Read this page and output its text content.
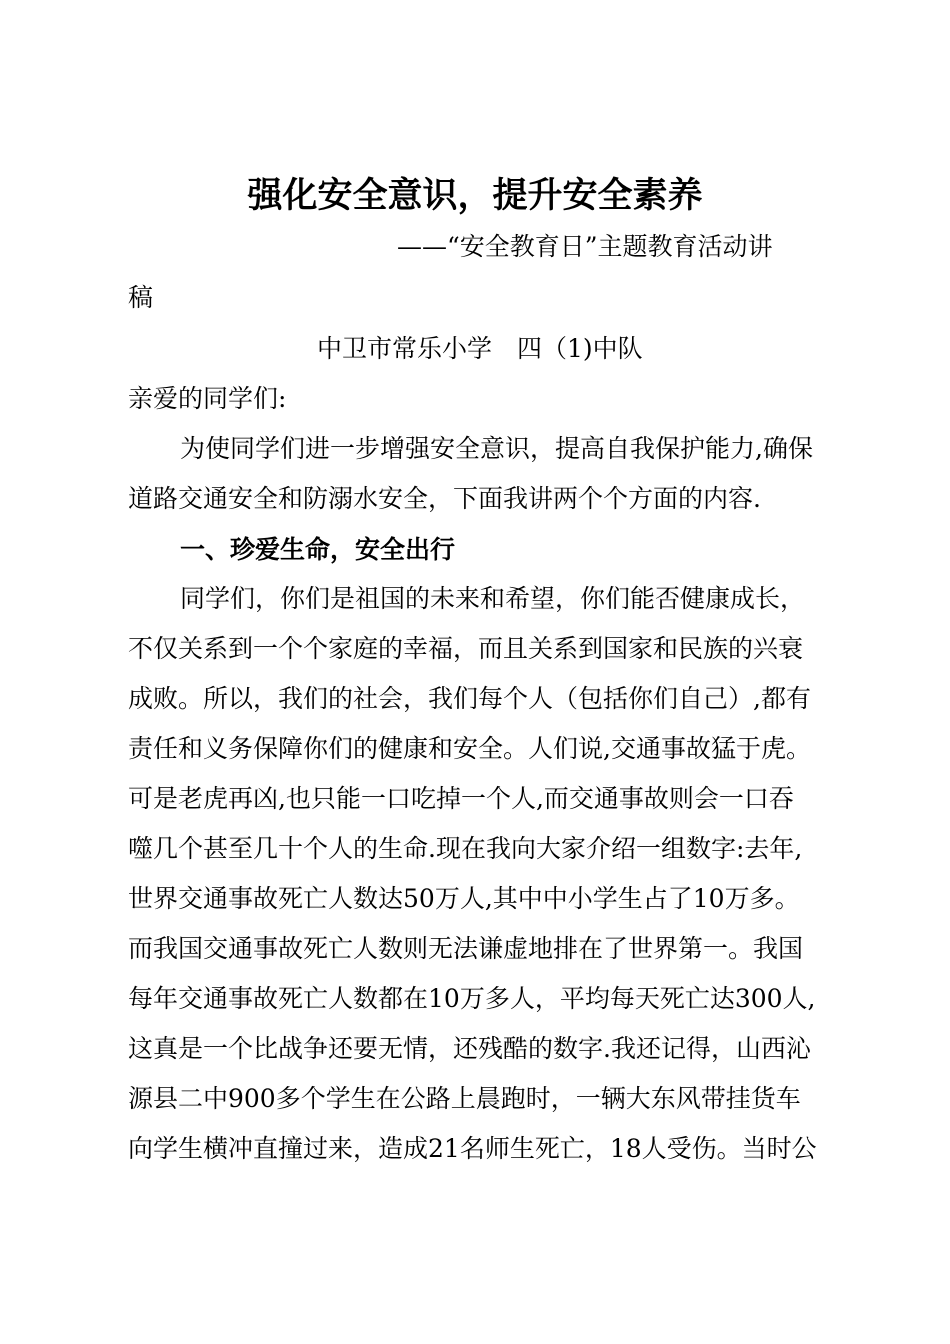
强化安全意识，提升安全素养
——“安全教育日”主题教育活动讲
稿
中卫市常乐小学　四（1)中队
亲爱的同学们:
为使同学们进一步增强安全意识，提高自我保护能力,确保
道路交通安全和防溺水安全，下面我讲两个个方面的内容.
一、珍爱生命，安全出行
同学们，你们是祖国的未来和希望，你们能否健康成长，
不仅关系到一个个家庭的幸福，而且关系到国家和民族的兴衰
成败。所以，我们的社会，我们每个人（包括你们自己）,都有
责任和义务保障你们的健康和安全。人们说,交通事故猛于虎。
可是老虎再凶,也只能一口吃掉一个人,而交通事故则会一口吞
噬几个甚至几十个人的生命.现在我向大家介绍一组数字:去年,
世界交通事故死亡人数达50万人,其中中小学生占了10万多。
而我国交通事故死亡人数则无法谦虚地排在了世界第一。我国
每年交通事故死亡人数都在10万多人，平均每天死亡达300人,
这真是一个比战争还要无情，还残酷的数字.我还记得，山西沁
源县二中900多个学生在公路上晨跑时，一辆大东风带挂货车
向学生横冲直撞过来，造成21名师生死亡，18人受伤。当时公
